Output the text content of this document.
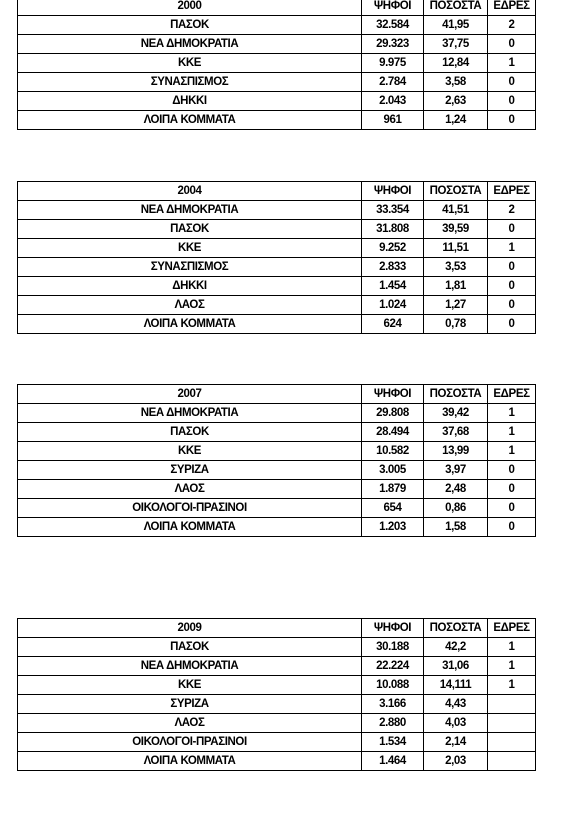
2000	ΨΗΦΟΙ	ΠΟΣΟΣΤΑ	ΕΔΡΕΣ
ΠΑΣΟΚ	32.584	41,95	2
ΝΕΑ ΔΗΜΟΚΡΑΤΙΑ	29.323	37,75	0
ΚΚΕ	9.975	12,84	1
ΣΥΝΑΣΠΙΣΜΟΣ	2.784	3,58	0
ΔΗΚΚΙ	2.043	2,63	0
ΛΟΙΠΑ ΚΟΜΜΑΤΑ	961	1,24	0
2004	ΨΗΦΟΙ	ΠΟΣΟΣΤΑ	ΕΔΡΕΣ
ΝΕΑ ΔΗΜΟΚΡΑΤΙΑ	33.354	41,51	2
ΠΑΣΟΚ	31.808	39,59	0
ΚΚΕ	9.252	11,51	1
ΣΥΝΑΣΠΙΣΜΟΣ	2.833	3,53	0
ΔΗΚΚΙ	1.454	1,81	0
ΛΑΟΣ	1.024	1,27	0
ΛΟΙΠΑ ΚΟΜΜΑΤΑ	624	0,78	0
2007	ΨΗΦΟΙ	ΠΟΣΟΣΤΑ	ΕΔΡΕΣ
ΝΕΑ ΔΗΜΟΚΡΑΤΙΑ	29.808	39,42	1
ΠΑΣΟΚ	28.494	37,68	1
ΚΚΕ	10.582	13,99	1
ΣΥΡΙΖΑ	3.005	3,97	0
ΛΑΟΣ	1.879	2,48	0
ΟΙΚΟΛΟΓΟΙ-ΠΡΑΣΙΝΟΙ	654	0,86	0
ΛΟΙΠΑ ΚΟΜΜΑΤΑ	1.203	1,58	0
2009	ΨΗΦΟΙ	ΠΟΣΟΣΤΑ	ΕΔΡΕΣ
ΠΑΣΟΚ	30.188	42,2	1
ΝΕΑ ΔΗΜΟΚΡΑΤΙΑ	22.224	31,06	1
ΚΚΕ	10.088	14,111	1
ΣΥΡΙΖΑ	3.166	4,43	
ΛΑΟΣ	2.880	4,03	
ΟΙΚΟΛΟΓΟΙ-ΠΡΑΣΙΝΟΙ	1.534	2,14	
ΛΟΙΠΑ ΚΟΜΜΑΤΑ	1.464	2,03	
